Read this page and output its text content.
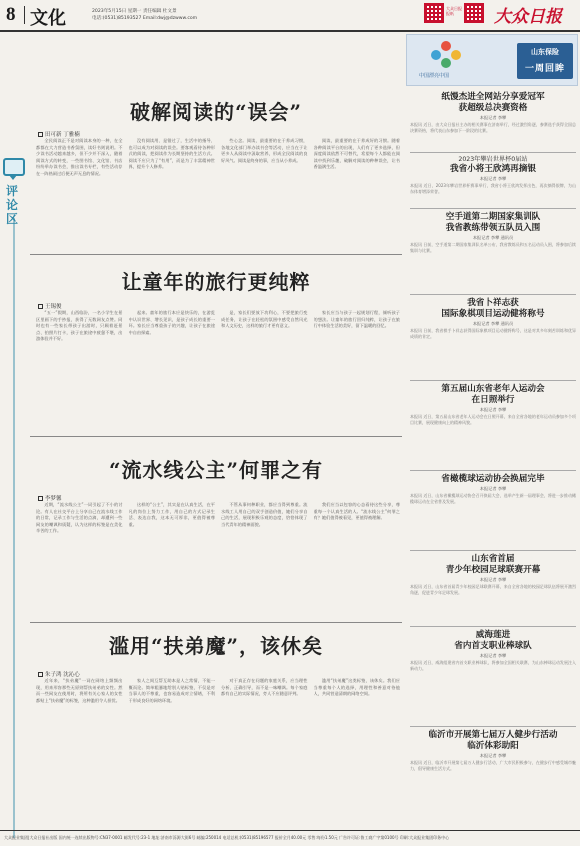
8 文化	2023年5月15日 星期一 责任编辑 杜文景
电话:(0531)85193527 Email:dwj@dzwww.com
大众日报 报纸	大众日报
评论区
破解阅读的“误会”
田可新 丁雅楠
全民阅读正不是对阅读本身的一种，在全都都在大力营造书香氛围，读好书则说明。不少读书活动越来越多，但不少并不深入，随着阅读方式的转变，一些图书馆、文化馆、书店纷纷举办读书会，推出读书专栏，有些活动存在一阵热闹过后便无声无息的情况。
没有阅读用、是错过了，生活中的指导、也可以成为对阅读的误会。要客观看待各种形式的阅读，把阅读作为长期坚持的生活方式。阅读不应只为了“有用”，而是为了丰富精神世界，提升个人修养。
些心念。阅读，最重要的在于养成习惯，各地文化部门举办读书会等活动，应当在于让更多人从阅读中汲取营养，形成全民阅读的良好风气。阅读是终身的事，应当从小养成。
阅读，最重要的在于养成好的习惯。随着各种阅读平台的出现，人们有了更多选择，但深度阅读依然不可替代，希望每个人都能在阅读中找到乐趣，破解对阅读的种种误会，让书香溢满生活。
让童年的旅行更纯粹
王锡俊
“五一”假期，山西临汾，一名小学生在景区里画下的手抄报，获得了无数网友点赞。同时也有一些家长带孩子出游时，只顾着赶景点、拍照片打卡，孩子在旅途中疲惫不堪，出游体验并不好。
起来。童年的旅行本应是快乐的，在游览中认识世界、增长见识，是孩子成长的重要一环。家长应当尊重孩子的兴趣，让孩子在旅途中自由探索。
是，家长们要放下功利心，不要把旅行变成任务，让孩子在轻松的氛围中感受自然风光和人文历史，这样的旅行才更有意义。
家长应当与孩子一起规划行程，倾听孩子的想法。让童年的旅行回归纯粹，让孩子在旅行中体验生活的美好，留下温暖的回忆。
“流水线公主”何罪之有
李梦馨
近期，“流水线公主”一词引起了不小的讨论。有人在社交平台上分享自己在流水线工作的日常，记录工作与生活的点滴，却遭到一些网友的嘲讽和质疑，认为这样的标签是在美化辛苦的工作。
这样的“公主”，其实是在认真生活，在平凡的岗位上努力工作，用自己的方式记录生活、表达自我，这本无可厚非，更值得被尊重。
不管从事何种职业，都应当得到尊重。流水线工人用自己的双手创造价值，她们分享自己的生活，展现积极乐观的态度，恰恰体现了当代青年的精神面貌。
我们应当以包容的心态看待这些分享，尊重每一个认真生活的人。“流水线公主”何罪之有？她们值得被看见，更值得被理解。
滥用“扶弟魔”，该休矣
朱子鸿 沈沁心
近年来，“扶弟魔”一词在网络上频频出现，用来形容那些无原则帮扶弟弟的女性。然而一些网友在使用时，将所有关心家人的女性都贴上“扶弟魔”的标签，这种滥用令人担忧。
家人之间互帮互助本是人之常情，不能一概而论。简单粗暴地给别人贴标签，不仅是对当事人的不尊重，也容易造成对立情绪，不利于形成良好的网络环境。
对于真正存在问题的家庭关系，应当理性分析、正确引导，而不是一味嘲讽。每个家庭都有自己的实际情况，旁人不应随意评判。
滥用“扶弟魔”这类标签，该休矣。我们应当尊重每个人的选择，用理性和善意对待他人，共同营造清朗的网络空间。
中国漂亮中国
山东保险
一周回眸
纸馒杰进全网站分享爱冠军
获超级总决赛资格
本报记者 李攀
本报讯 近日，由大众日报社主办的相关赛事在济南举行，经过激烈角逐，参赛选手获得全国总决赛资格，将代表山东参加下一阶段的比赛。
2023年攀岩世界杯0届站
我省小将王欣鸿再摘银
本报记者 李攀
本报讯 近日，2023年攀岩世界杯赛事举行，我省小将王欣鸿发挥出色，再次摘得银牌，为山东体育增添荣誉。
空手道第二期国家集训队
我省教练带领五队员入围
本报记者 李攀 通讯员
本报讯 日前，空手道第二期国家集训队名单公布，我省教练员和五名运动员入围，将参加后续集训与比赛。
我省卜祥志获
国际象棋项目运动健将称号
本报记者 李攀 通讯员
本报讯 日前，我省棋手卜祥志获得国际象棋项目运动健将称号，这是对其多年刻苦训练和优异成绩的肯定。
第五届山东省老年人运动会
在日照举行
本报记者 李攀
本报讯 近日，第五届山东省老年人运动会在日照开幕，来自全省各地的老年运动员参加多个项目比赛，展现健康向上的精神风貌。
省橄榄球运动协会换届完毕
本报记者 李攀
本报讯 近日，山东省橄榄球运动协会召开换届大会，选举产生新一届理事会，将进一步推动橄榄球运动在全省普及发展。
山东省首届
青少年校园足球联赛开幕
本报记者 李攀
本报讯 近日，山东省首届青少年校园足球联赛开幕，来自全省各地的校园足球队伍将展开激烈角逐，促进青少年足球发展。
威海莲进
省内首支职业棒球队
本报记者 李攀
本报讯 近日，威海组建省内首支职业棒球队，将参加全国相关联赛，为山东棒球运动发展注入新动力。
临沂市开展第七届万人健步行活动
临沂体彩助阳
本报记者 李攀
本报讯 近日，临沂市开展第七届万人健步行活动，广大市民积极参与，在健步行中感受城市魅力，倡导健康生活方式。
大众报业集团|大众日报社出版 国内统一连续出版物号:CN37-0001 邮发代号:23-1 地址:济南市泺源大街6号 邮编:250014 电话总机:(0531)85196577 报价全月40.00元 零售:每份1.50元 广告许可证:鲁工商广字第0100号 印刷:大众报业集团印务中心
